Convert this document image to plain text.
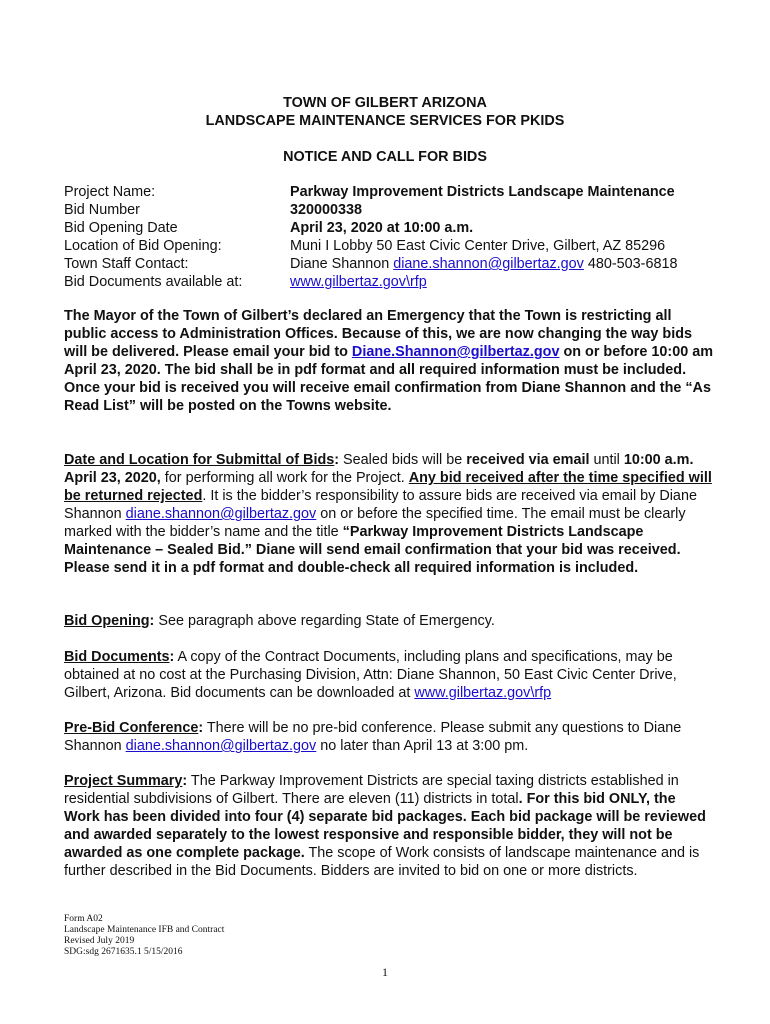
TOWN OF GILBERT ARIZONA
LANDSCAPE MAINTENANCE SERVICES FOR PKIDS
NOTICE AND CALL FOR BIDS
Project Name:	Parkway Improvement Districts Landscape Maintenance
Bid Number	320000338
Bid Opening Date	April 23, 2020 at 10:00 a.m.
Location of Bid Opening:	Muni I Lobby 50 East Civic Center Drive, Gilbert, AZ 85296
Town Staff Contact:	Diane Shannon diane.shannon@gilbertaz.gov 480-503-6818
Bid Documents available at:	www.gilbertaz.gov\rfp

The Mayor of the Town of Gilbert’s declared an Emergency that the Town is restricting all public access to Administration Offices. Because of this, we are now changing the way bids will be delivered. Please email your bid to Diane.Shannon@gilbertaz.gov on or before 10:00 am April 23, 2020. The bid shall be in pdf format and all required information must be included. Once your bid is received you will receive email confirmation from Diane Shannon and the “As Read List” will be posted on the Towns website.

Date and Location for Submittal of Bids: Sealed bids will be received via email until 10:00 a.m. April 23, 2020, for performing all work for the Project. Any bid received after the time specified will be returned rejected. It is the bidder’s responsibility to assure bids are received via email by Diane Shannon diane.shannon@gilbertaz.gov on or before the specified time. The email must be clearly marked with the bidder’s name and the title “Parkway Improvement Districts Landscape Maintenance – Sealed Bid.” Diane will send email confirmation that your bid was received. Please send it in a pdf format and double-check all required information is included.

Bid Opening: See paragraph above regarding State of Emergency.

Bid Documents: A copy of the Contract Documents, including plans and specifications, may be obtained at no cost at the Purchasing Division, Attn: Diane Shannon, 50 East Civic Center Drive, Gilbert, Arizona. Bid documents can be downloaded at www.gilbertaz.gov\rfp

Pre-Bid Conference: There will be no pre-bid conference. Please submit any questions to Diane Shannon diane.shannon@gilbertaz.gov no later than April 13 at 3:00 pm.

Project Summary: The Parkway Improvement Districts are special taxing districts established in residential subdivisions of Gilbert. There are eleven (11) districts in total. For this bid ONLY, the Work has been divided into four (4) separate bid packages. Each bid package will be reviewed and awarded separately to the lowest responsive and responsible bidder, they will not be awarded as one complete package. The scope of Work consists of landscape maintenance and is further described in the Bid Documents. Bidders are invited to bid on one or more districts.

Form A02
Landscape Maintenance IFB and Contract
Revised July 2019
SDG:sdg 2671635.1 5/15/2016
1
